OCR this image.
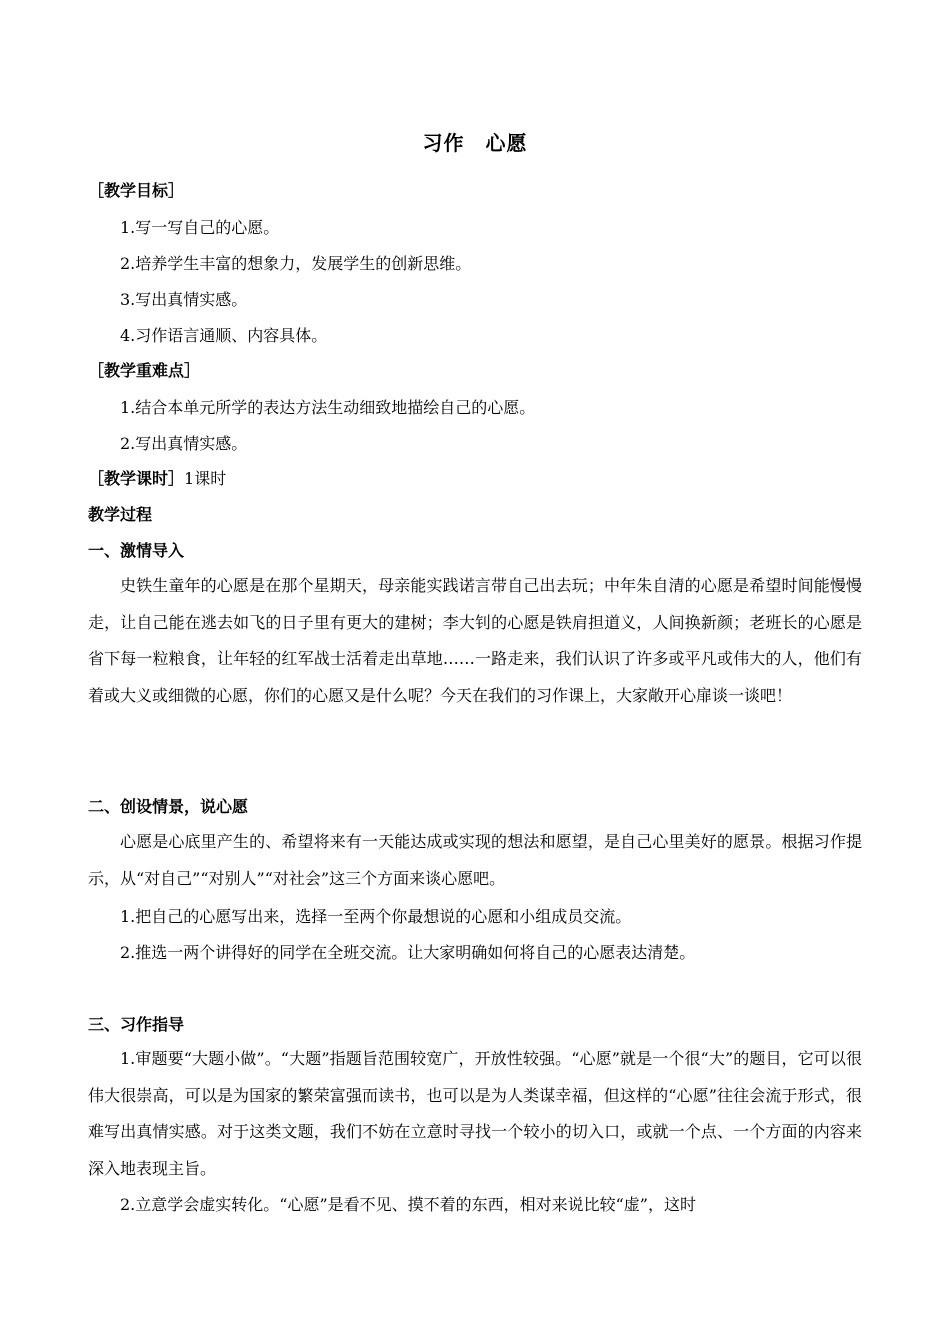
习作　心愿
［教学目标］
1.写一写自己的心愿。
2.培养学生丰富的想象力，发展学生的创新思维。
3.写出真情实感。
4.习作语言通顺、内容具体。
［教学重难点］
1.结合本单元所学的表达方法生动细致地描绘自己的心愿。
2.写出真情实感。
［教学课时］1课时
教学过程
一、激情导入

史铁生童年的心愿是在那个星期天，母亲能实践诺言带自己出去玩；中年朱自清的心愿是希望时间能慢慢走，让自己能在逃去如飞的日子里有更大的建树；李大钊的心愿是铁肩担道义，人间换新颜；老班长的心愿是省下每一粒粮食，让年轻的红军战士活着走出草地……一路走来，我们认识了许多或平凡或伟大的人，他们有着或大义或细微的心愿，你们的心愿又是什么呢？今天在我们的习作课上，大家敞开心扉谈一谈吧！

二、创设情景，说心愿

心愿是心底里产生的、希望将来有一天能达成或实现的想法和愿望，是自己心里美好的愿景。根据习作提示，从“对自己”“对别人”“对社会”这三个方面来谈心愿吧。

1.把自己的心愿写出来，选择一至两个你最想说的心愿和小组成员交流。
2.推选一两个讲得好的同学在全班交流。让大家明确如何将自己的心愿表达清楚。
三、习作指导

1.审题要“大题小做”。“大题”指题旨范围较宽广，开放性较强。“心愿”就是一个很“大”的题目，它可以很伟大很崇高，可以是为国家的繁荣富强而读书，也可以是为人类谋幸福，但这样的“心愿”往往会流于形式，很难写出真情实感。对于这类文题，我们不妨在立意时寻找一个较小的切入口，或就一个点、一个方面的内容来深入地表现主旨。

2.立意学会虚实转化。“心愿”是看不见、摸不着的东西，相对来说比较“虚”，这时
